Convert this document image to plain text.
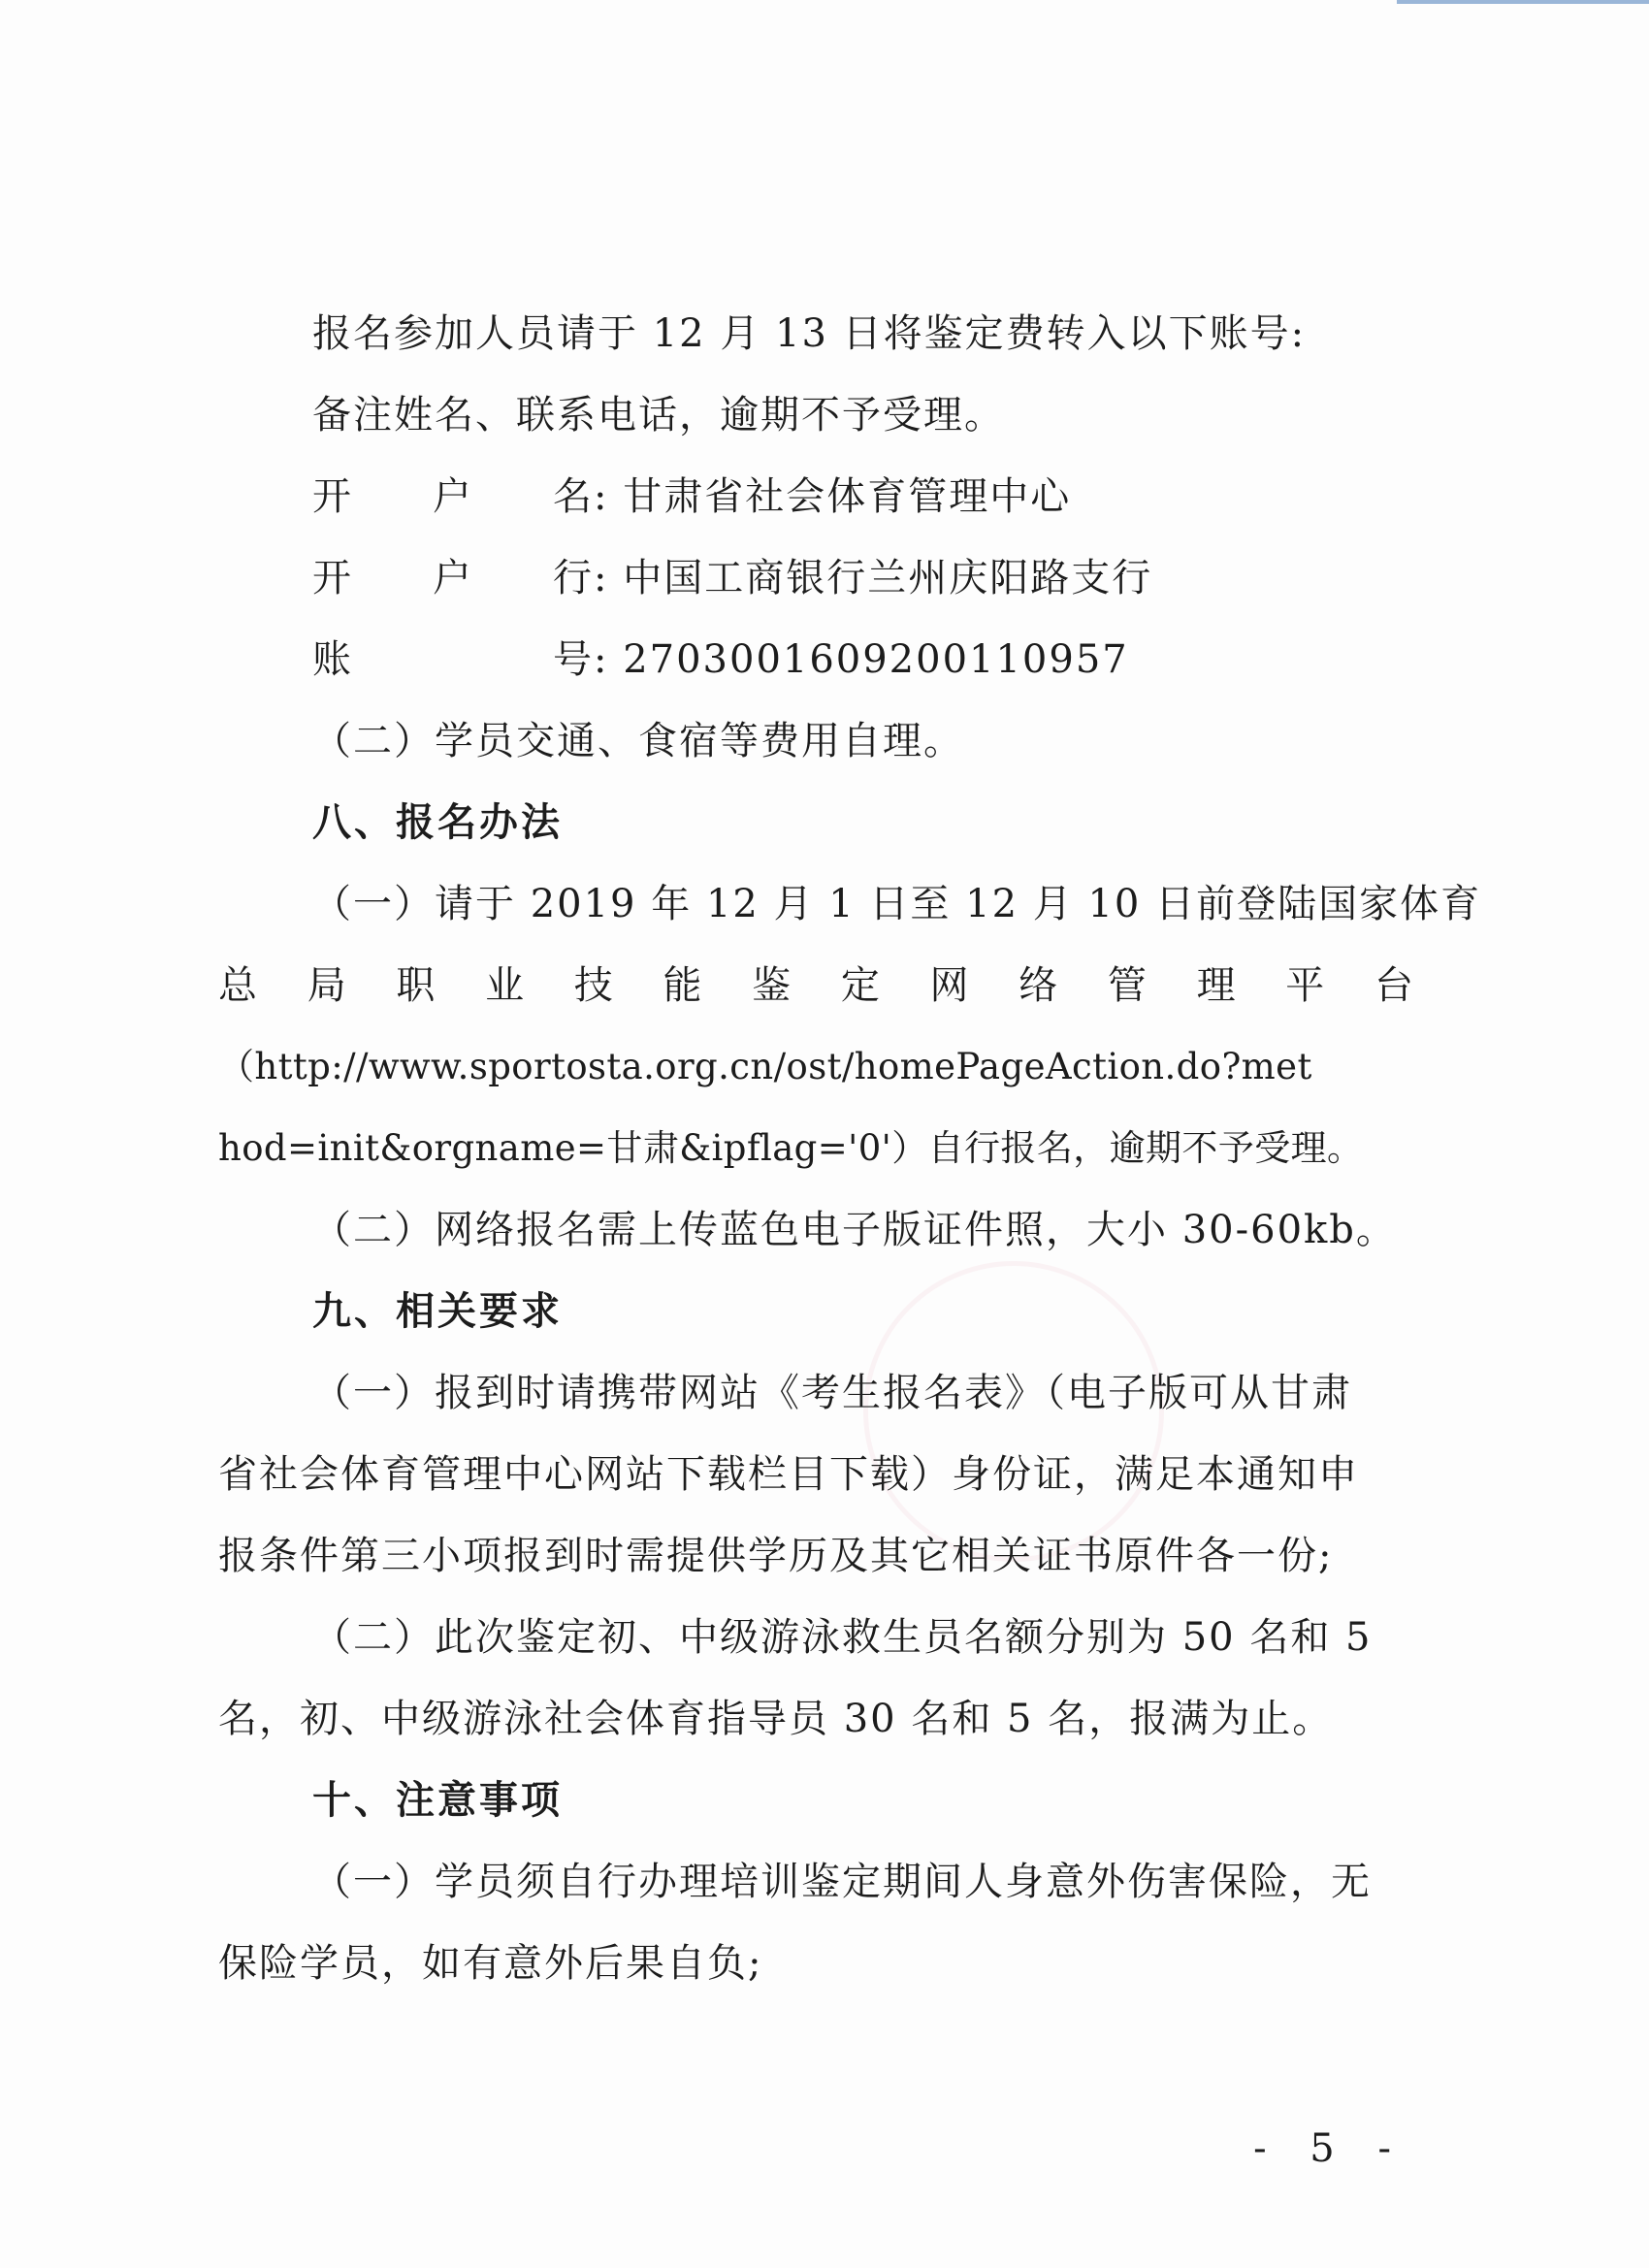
报名参加人员请于 12 月 13 日将鉴定费转入以下账号:
备注姓名、联系电话，逾期不予受理。
开 户 名 : 甘肃省社会体育管理中心
开 户 行 : 中国工商银行兰州庆阳路支行
账	号 : 2703001609200110957
（二）学员交通、食宿等费用自理。
八、报名办法
（一）请于 2019 年 12 月 1 日至 12 月 10 日前登陆国家体育
总 局 职 业 技 能 鉴 定 网 络 管 理 平 台
（http://www.sportosta.org.cn/ost/homePageAction.do?met
hod=init&orgname=甘肃&ipflag='0'）自行报名，逾期不予受理。
（二）网络报名需上传蓝色电子版证件照，大小 30-60kb。
九、相关要求
（一）报到时请携带网站《考生报名表》（电子版可从甘肃
省社会体育管理中心网站下载栏目下载）身份证，满足本通知申
报条件第三小项报到时需提供学历及其它相关证书原件各一份;
（二）此次鉴定初、中级游泳救生员名额分别为 50 名和 5
名，初、中级游泳社会体育指导员 30 名和 5 名，报满为止。
十、注意事项
（一）学员须自行办理培训鉴定期间人身意外伤害保险，无
保险学员，如有意外后果自负;
- 5 -
